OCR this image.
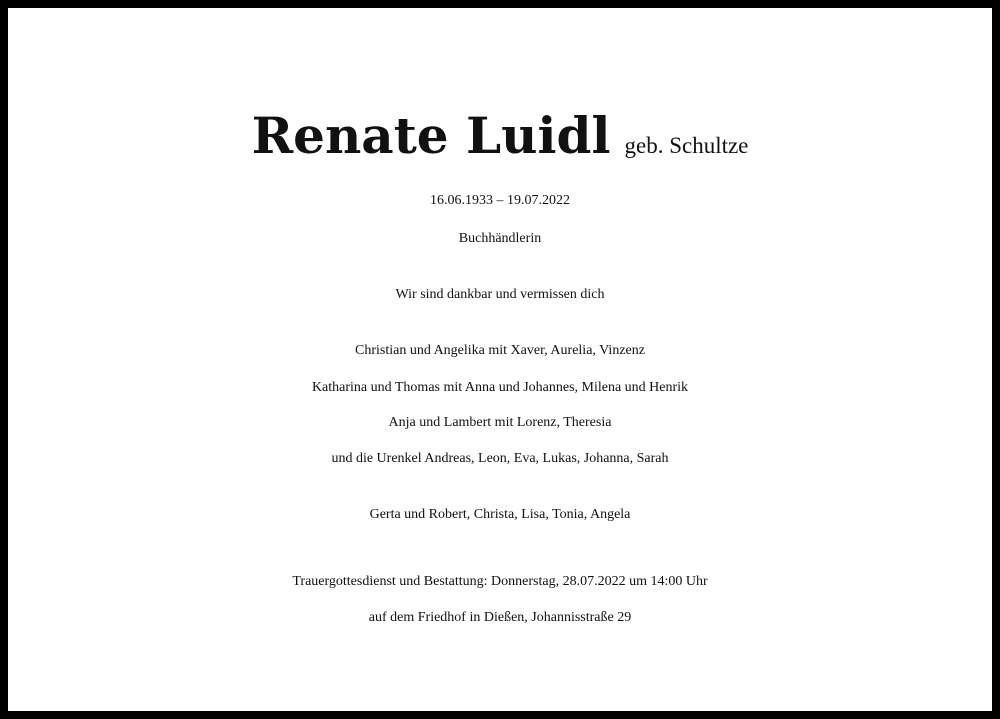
Renate Luidl geb. Schultze
16.06.1933 – 19.07.2022
Buchhändlerin
Wir sind dankbar und vermissen dich
Christian und Angelika mit Xaver, Aurelia, Vinzenz
Katharina und Thomas mit Anna und Johannes, Milena und Henrik
Anja und Lambert mit Lorenz, Theresia
und die Urenkel Andreas, Leon, Eva, Lukas, Johanna, Sarah
Gerta und Robert, Christa, Lisa, Tonia, Angela
Trauergottesdienst und Bestattung: Donnerstag, 28.07.2022 um 14:00 Uhr
auf dem Friedhof in Dießen, Johannisstraße 29
